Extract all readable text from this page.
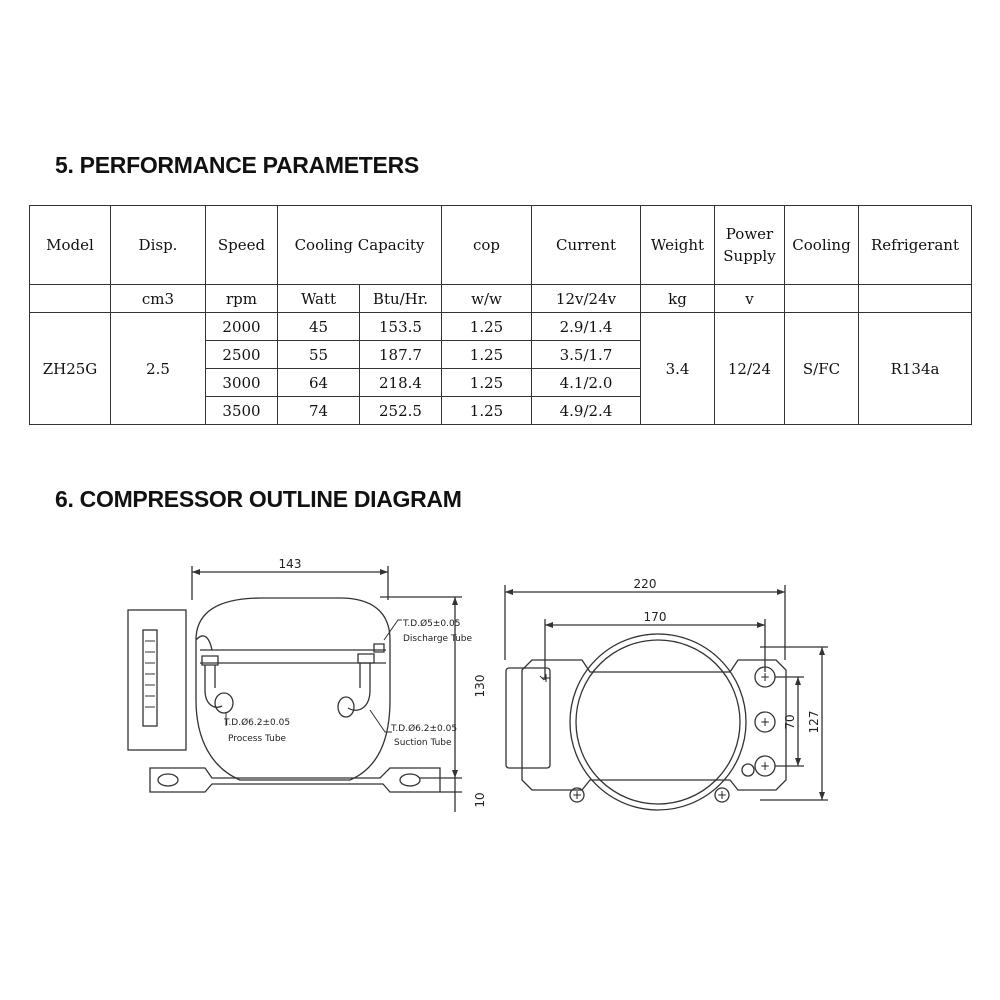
5. PERFORMANCE PARAMETERS
Model	Disp.	Speed	Cooling Capacity		cop	Current	Weight	Power Supply	Cooling	Refrigerant
	cm3	rpm	Watt	Btu/Hr.	w/w	12v/24v	kg	v		
ZH25G	2.5	2000	45	153.5	1.25	2.9/1.4	3.4	12/24	S/FC	R134a
		2500	55	187.7	1.25	3.5/1.7				
		3000	64	218.4	1.25	4.1/2.0				
		3500	74	252.5	1.25	4.9/2.4				
6. COMPRESSOR OUTLINE DIAGRAM
+
+
+
+
+	+
143
130
10
220
170
70 127
T.D.Ø5±0.05
Discharge Tube
T.D.Ø6.2±0.05
Process Tube
T.D.Ø6.2±0.05
Suction Tube
